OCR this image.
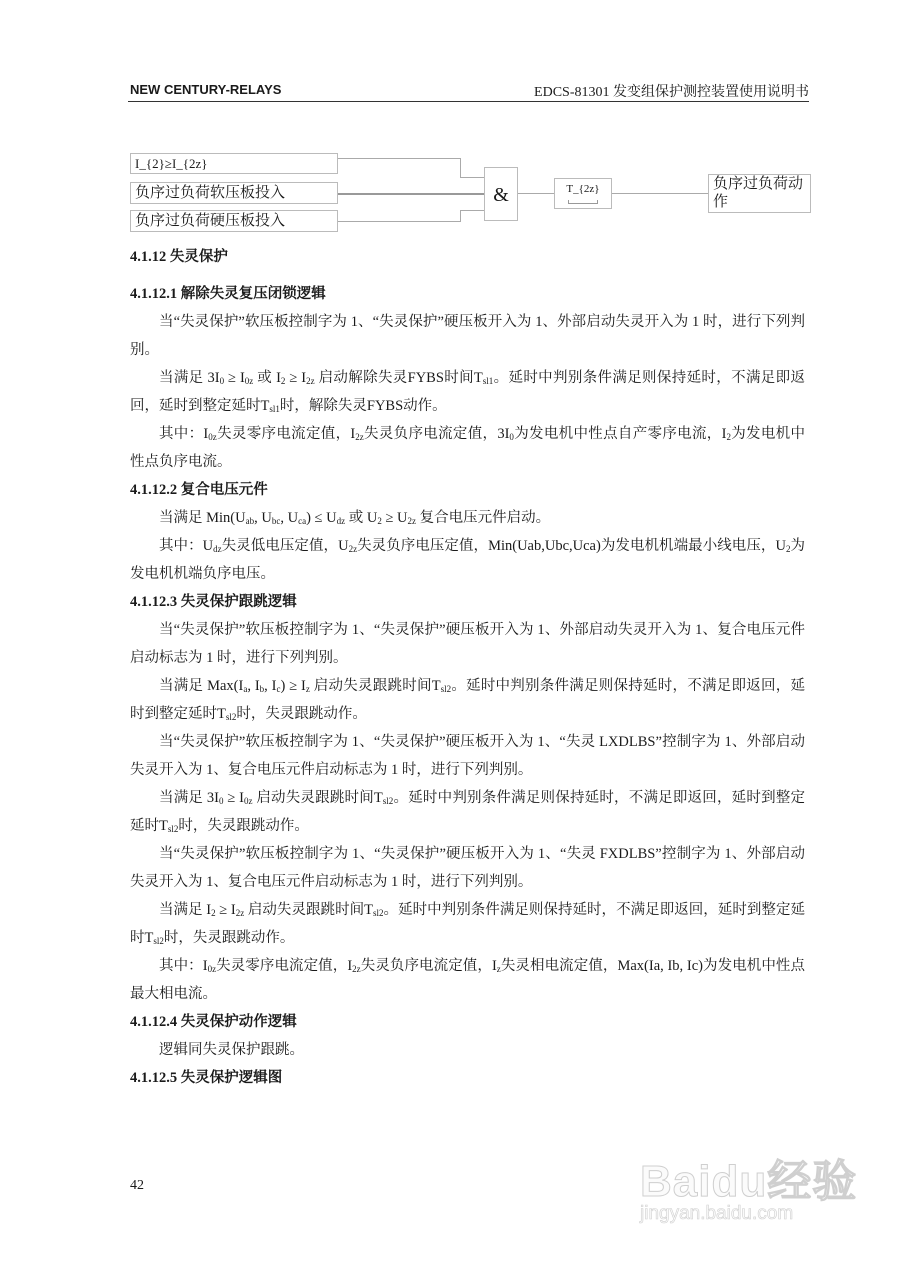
NEW CENTURY-RELAYS	EDCS-81301 发变组保护测控装置使用说明书
I_{2}≥I_{2z}
负序过负荷软压板投入
负序过负荷硬压板投入
&	T_{2z}	负序过负荷动作
4.1.12 失灵保护
4.1.12.1 解除失灵复压闭锁逻辑

当“失灵保护”软压板控制字为 1、“失灵保护”硬压板开入为 1、外部启动失灵开入为 1 时，进行下列判别。

当满足 $3I_0 \ge I_{0z}$ 或 $I_2 \ge I_{2z}$ 启动解除失灵FYBS时间$T_{sl1}$。延时中判别条件满足则保持延时，不满足即返回，延时到整定延时$T_{sl1}$时，解除失灵FYBS动作。

其中：$I_{0z}$失灵零序电流定值，$I_{2z}$失灵负序电流定值，$3I_0$为发电机中性点自产零序电流，$I_2$为发电机中性点负序电流。

4.1.12.2 复合电压元件

当满足 $Min(U_{ab}$, $U_{bc}$, $U_{ca}) \le U_{dz}$ 或 $U_2 \ge U_{2z}$ 复合电压元件启动。

其中：$U_{dz}$失灵低电压定值，$U_{2z}$失灵负序电压定值，Min(Uab,Ubc,Uca)为发电机机端最小线电压，$U_2$为发电机机端负序电压。

4.1.12.3 失灵保护跟跳逻辑

当“失灵保护”软压板控制字为 1、“失灵保护”硬压板开入为 1、外部启动失灵开入为 1、复合电压元件启动标志为 1 时，进行下列判别。

当满足 $Max(I_a$, $I_b$, $I_c) \ge I_z$ 启动失灵跟跳时间$T_{sl2}$。延时中判别条件满足则保持延时，不满足即返回，延时到整定延时$T_{sl2}$时，失灵跟跳动作。

当“失灵保护”软压板控制字为 1、“失灵保护”硬压板开入为 1、“失灵 LXDLBS”控制字为 1、外部启动失灵开入为 1、复合电压元件启动标志为 1 时，进行下列判别。

当满足 $3I_0 \ge I_{0z}$ 启动失灵跟跳时间$T_{sl2}$。延时中判别条件满足则保持延时，不满足即返回，延时到整定延时$T_{sl2}$时，失灵跟跳动作。

当“失灵保护”软压板控制字为 1、“失灵保护”硬压板开入为 1、“失灵 FXDLBS”控制字为 1、外部启动失灵开入为 1、复合电压元件启动标志为 1 时，进行下列判别。

当满足 $I_2 \ge I_{2z}$ 启动失灵跟跳时间$T_{sl2}$。延时中判别条件满足则保持延时，不满足即返回，延时到整定延时$T_{sl2}$时，失灵跟跳动作。

其中：$I_{0z}$失灵零序电流定值，$I_{2z}$失灵负序电流定值，$I_z$失灵相电流定值，Max(Ia, Ib, Ic)为发电机中性点最大相电流。

4.1.12.4 失灵保护动作逻辑

逻辑同失灵保护跟跳。

4.1.12.5 失灵保护逻辑图
42	Baidu经验
jingyan.baidu.com
